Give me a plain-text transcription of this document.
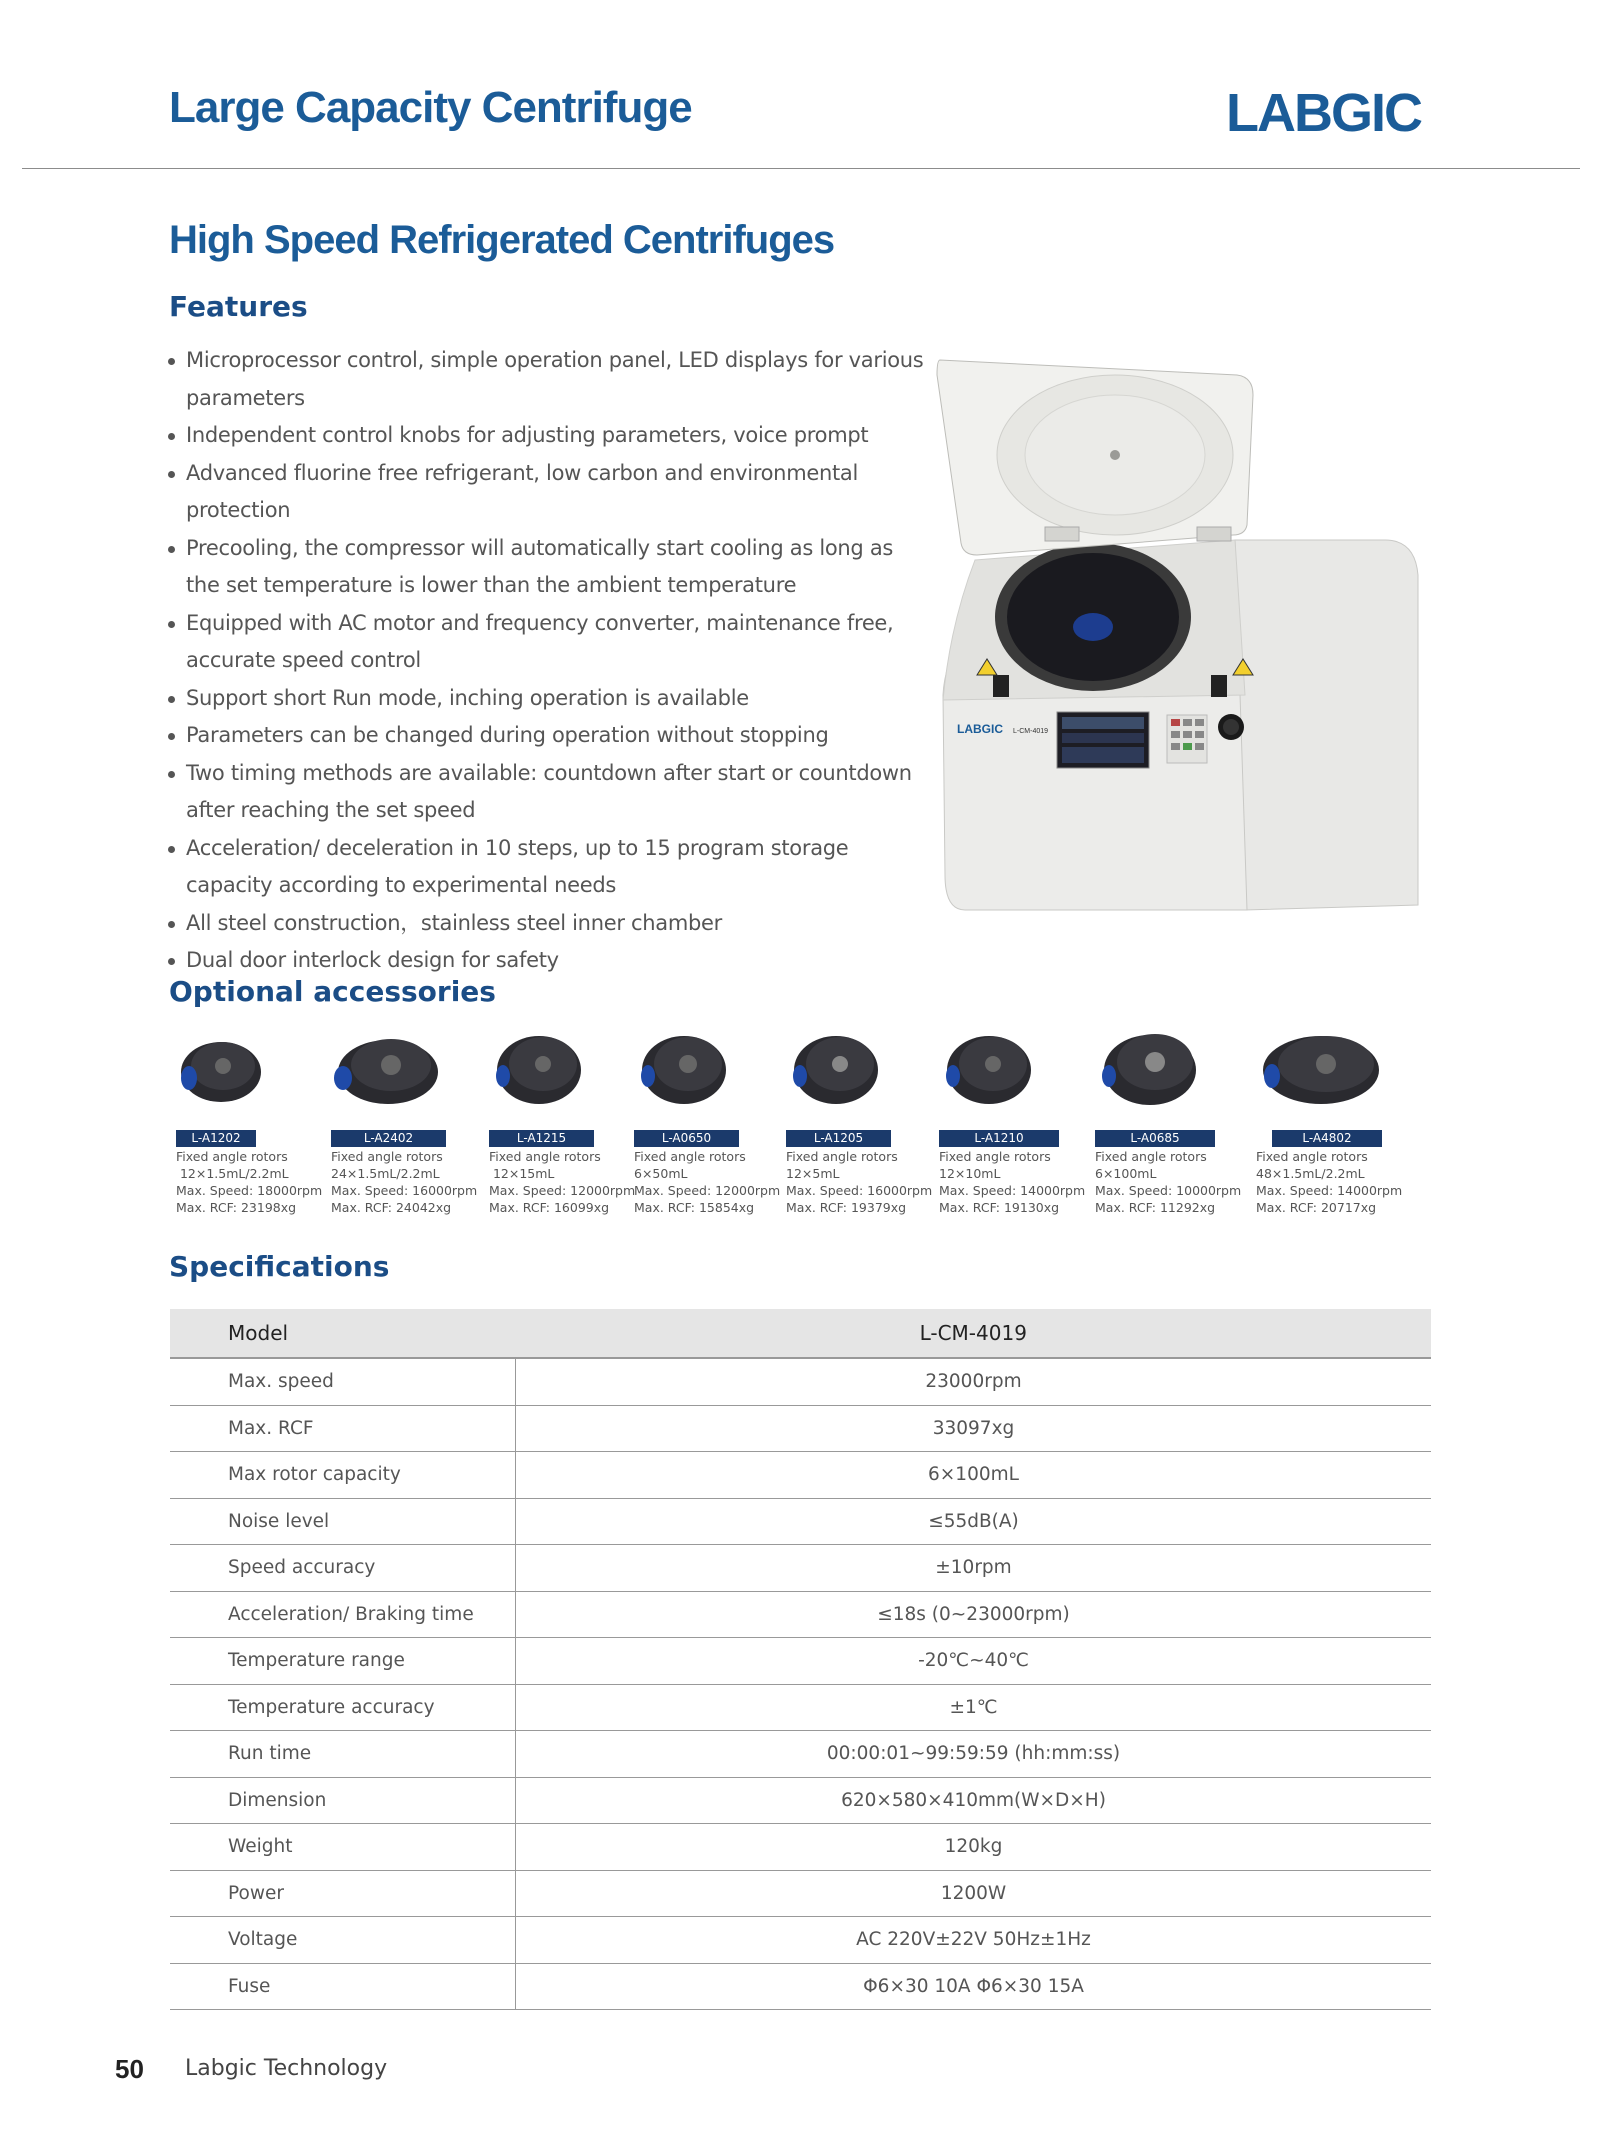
Large Capacity Centrifuge	LABGIC
High Speed Refrigerated Centrifuges
Features
Microprocessor control, simple operation panel, LED displays for various parameters
Independent control knobs for adjusting parameters, voice prompt
Advanced fluorine free refrigerant, low carbon and environmental protection
Precooling, the compressor will automatically start cooling as long as the set temperature is lower than the ambient temperature
Equipped with AC motor and frequency converter, maintenance free, accurate speed control
Support short Run mode, inching operation is available
Parameters can be changed during operation without stopping
Two timing methods are available: countdown after start or countdown after reaching the set speed
Acceleration/ deceleration in 10 steps, up to 15 program storage capacity according to experimental needs
All steel construction，stainless steel inner chamber
Dual door interlock design for safety
LABGIC L-CM-4019
Optional accessories
L-A1202
Fixed angle rotors
12×1.5mL/2.2mL
Max. Speed: 18000rpm
Max. RCF: 23198xg
L-A2402
Fixed angle rotors
24×1.5mL/2.2mL
Max. Speed: 16000rpm
Max. RCF: 24042xg
L-A1215
Fixed angle rotors
12×15mL
Max. Speed: 12000rpm
Max. RCF: 16099xg
L-A0650
Fixed angle rotors
6×50mL
Max. Speed: 12000rpm
Max. RCF: 15854xg
L-A1205
Fixed angle rotors
12×5mL
Max. Speed: 16000rpm
Max. RCF: 19379xg
L-A1210
Fixed angle rotors
12×10mL
Max. Speed: 14000rpm
Max. RCF: 19130xg
L-A0685
Fixed angle rotors
6×100mL
Max. Speed: 10000rpm
Max. RCF: 11292xg
L-A4802
Fixed angle rotors
48×1.5mL/2.2mL
Max. Speed: 14000rpm
Max. RCF: 20717xg
Specifications
Model	L-CM-4019
Max. speed	23000rpm
Max. RCF	33097xg
Max rotor capacity	6×100mL
Noise level	≤55dB(A)
Speed accuracy	±10rpm
Acceleration/ Braking time	≤18s (0~23000rpm)
Temperature range	-20℃~40℃
Temperature accuracy	±1℃
Run time	00:00:01~99:59:59 (hh:mm:ss)
Dimension	620×580×410mm(W×D×H)
Weight	120kg
Power	1200W
Voltage	AC 220V±22V 50Hz±1Hz
Fuse	Φ6×30 10A Φ6×30 15A
50 Labgic Technology
